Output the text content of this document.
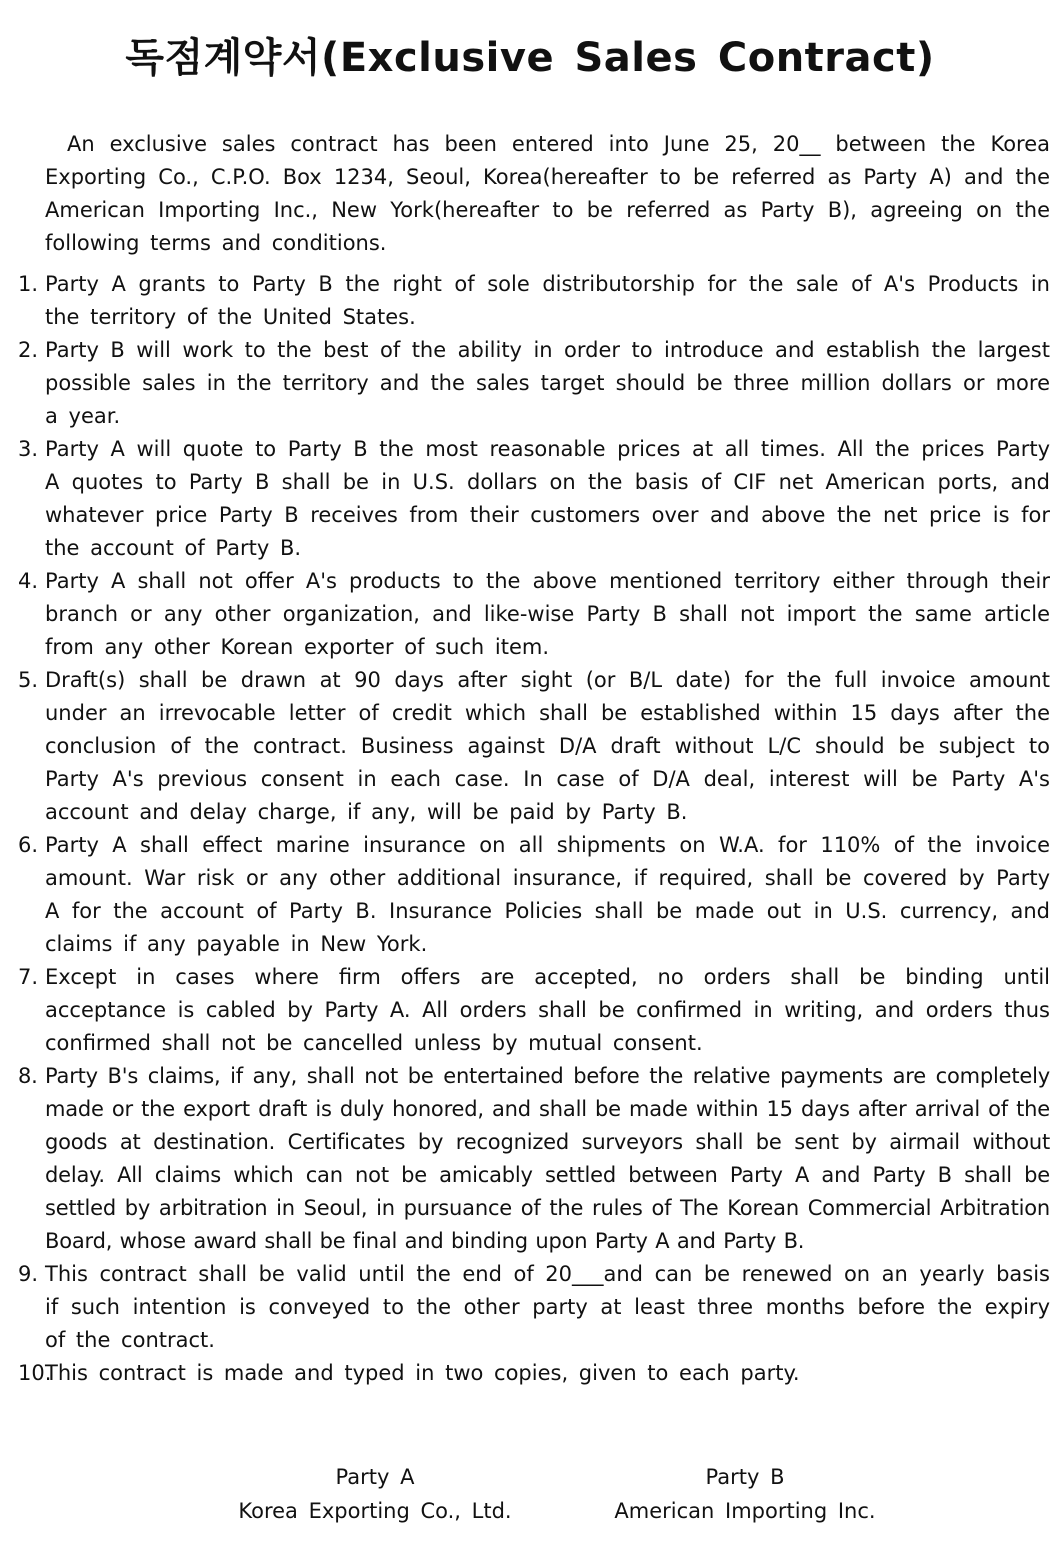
독점계약서(Exclusive Sales Contract)

An exclusive sales contract has been entered into June 25, 20__ between the Korea Exporting Co., C.P.O. Box 1234, Seoul, Korea(hereafter to be referred as Party A) and the American Importing Inc., New York(hereafter to be referred as Party B), agreeing on the following terms and conditions.

1. Party A grants to Party B the right of sole distributorship for the sale of A's Products in the territory of the United States.
2. Party B will work to the best of the ability in order to introduce and establish the largest possible sales in the territory and the sales target should be three million dollars or more a year.
3. Party A will quote to Party B the most reasonable prices at all times. All the prices Party A quotes to Party B shall be in U.S. dollars on the basis of CIF net American ports, and whatever price Party B receives from their customers over and above the net price is for the account of Party B.
4. Party A shall not offer A's products to the above mentioned territory either through their branch or any other organization, and like-wise Party B shall not import the same article from any other Korean exporter of such item.
5. Draft(s) shall be drawn at 90 days after sight (or B/L date) for the full invoice amount under an irrevocable letter of credit which shall be established within 15 days after the conclusion of the contract. Business against D/A draft without L/C should be subject to Party A's previous consent in each case. In case of D/A deal, interest will be Party A's account and delay charge, if any, will be paid by Party B.
6. Party A shall effect marine insurance on all shipments on W.A. for 110% of the invoice amount. War risk or any other additional insurance, if required, shall be covered by Party A for the account of Party B. Insurance Policies shall be made out in U.S. currency, and claims if any payable in New York.
7. Except in cases where firm offers are accepted, no orders shall be binding until acceptance is cabled by Party A. All orders shall be confirmed in writing, and orders thus confirmed shall not be cancelled unless by mutual consent.
8. Party B's claims, if any, shall not be entertained before the relative payments are completely made or the export draft is duly honored, and shall be made within 15 days after arrival of the goods at destination. Certificates by recognized surveyors shall be sent by airmail without delay. All claims which can not be amicably settled between Party A and Party B shall be settled by arbitration in Seoul, in pursuance of the rules of The Korean Commercial Arbitration Board, whose award shall be final and binding upon Party A and Party B.
9. This contract shall be valid until the end of 20___and can be renewed on an yearly basis if such intention is conveyed to the other party at least three months before the expiry of the contract.
10.
This contract is made and typed in two copies, given to each party.
Party A
Korea Exporting Co., Ltd.
Party B
American Importing Inc.
